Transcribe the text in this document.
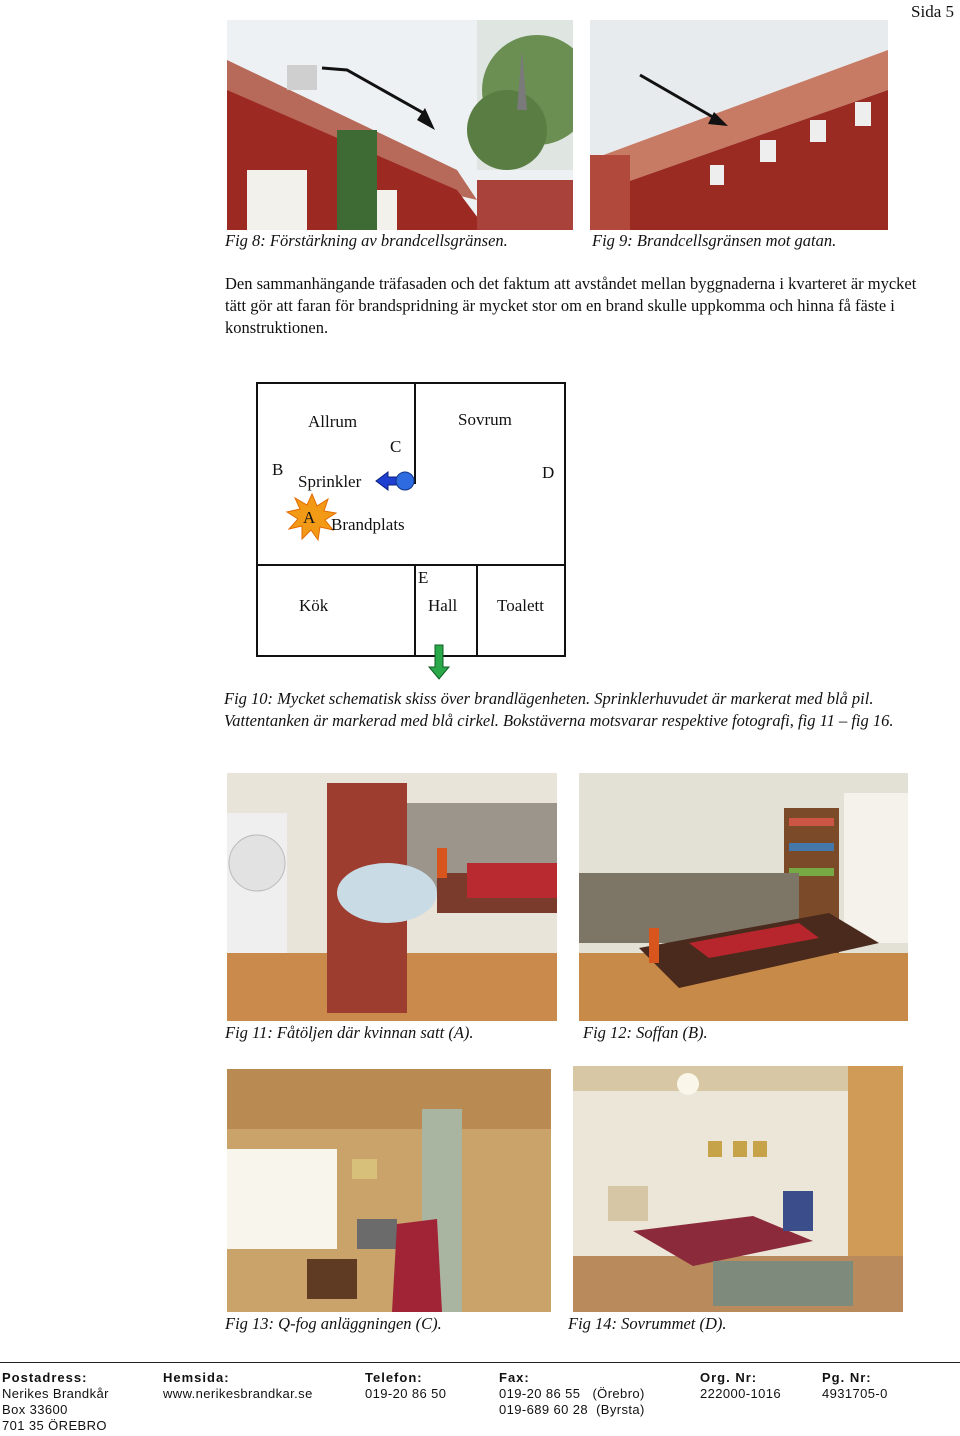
Sida 5
Fig 8: Förstärkning av brandcellsgränsen.	Fig 9: Brandcellsgränsen mot gatan.
Den sammanhängande träfasaden och det faktum att avståndet mellan byggnaderna i kvarteret är mycket tätt gör att faran för brandspridning är mycket stor om en brand skulle uppkomma och hinna få fäste i konstruktionen.
Allrum	Sovrum
C
B	D
Sprinkler
A Brandplats
E
Kök	Hall Toalett
Fig 10: Mycket schematisk skiss över brandlägenheten. Sprinklerhuvudet är markerat med blå pil. Vattentanken är markerad med blå cirkel. Bokstäverna motsvarar respektive fotografi, fig 11 – fig 16.
Fig 11: Fåtöljen där kvinnan satt (A).	Fig 12: Soffan (B).
Fig 13: Q-fog anläggningen (C).	Fig 14: Sovrummet (D).
Postadress:
Nerikes Brandkår
Box 33600
701 35 ÖREBRO
Hemsida:
www.nerikesbrandkar.se
Telefon:
019-20 86 50
Fax:
019-20 86 55   (Örebro)
019-689 60 28  (Byrsta)
Org. Nr:
222000-1016
Pg. Nr:
4931705-0
